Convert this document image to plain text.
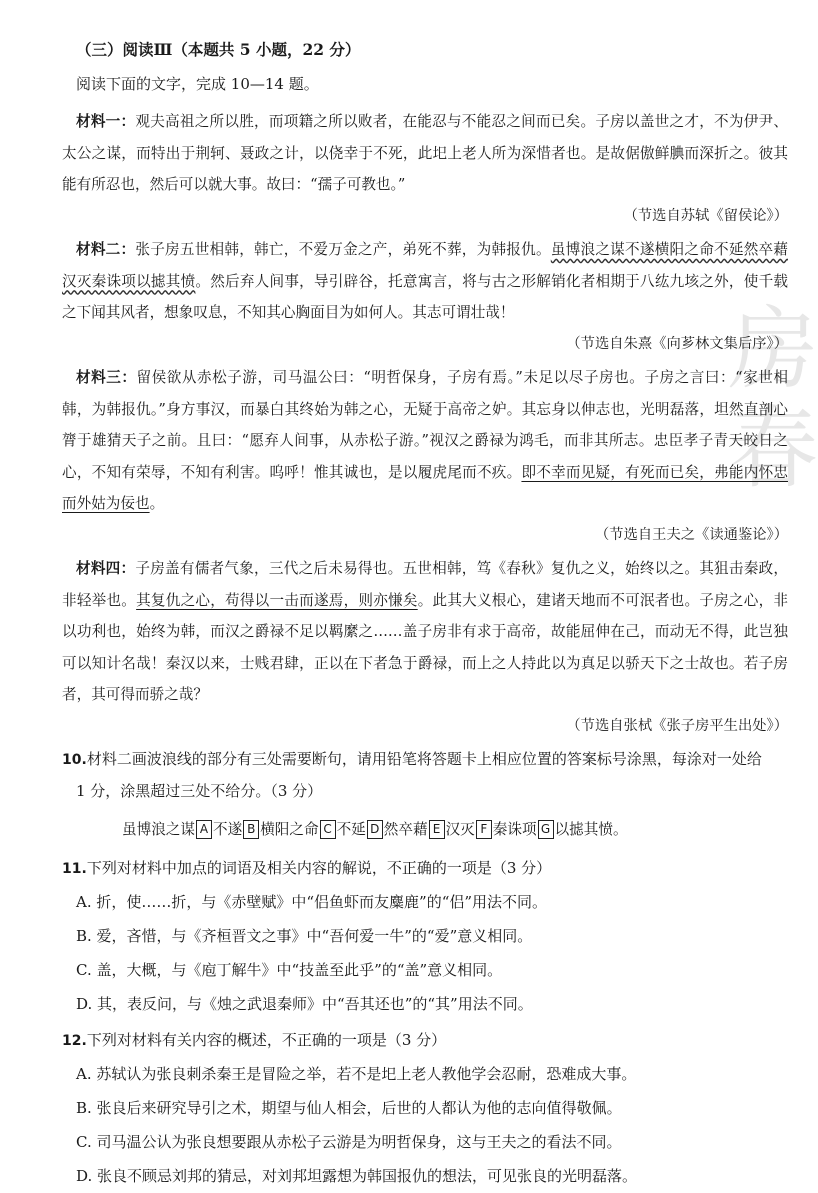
房
春

（三）阅读Ⅲ（本题共 5 小题，22 分）

阅读下面的文字，完成 10—14 题。

材料一：观夫高祖之所以胜，而项籍之所以败者，在能忍与不能忍之间而已矣。子房以盖世之才，不为伊尹、太公之谋，而特出于荆轲、聂政之计，以侥幸于不死，此圯上老人所为深惜者也。是故倨傲鲜腆而深折之。彼其能有所忍也，然后可以就大事。故曰：“孺子可教也。”

（节选自苏轼《留侯论》）

材料二：张子房五世相韩，韩亡，不爱万金之产，弟死不葬，为韩报仇。虽博浪之谋不遂横阳之命不延然卒藉汉灭秦诛项以摅其愤。然后弃人间事，导引辟谷，托意寓言，将与古之形解销化者相期于八纮九垓之外，使千载之下闻其风者，想象叹息，不知其心胸面目为如何人。其志可谓壮哉！

（节选自朱熹《向芗林文集后序》）

材料三：留侯欲从赤松子游，司马温公曰：“明哲保身，子房有焉。”未足以尽子房也。子房之言曰：“家世相韩，为韩报仇。”身方事汉，而暴白其终始为韩之心，无疑于高帝之妒。其忘身以伸志也，光明磊落，坦然直剖心膂于雄猜天子之前。且曰：“愿弃人间事，从赤松子游。”视汉之爵禄为鸿毛，而非其所志。忠臣孝子青天皎日之心，不知有荣辱，不知有利害。呜呼！惟其诚也，是以履虎尾而不疚。即不幸而见疑，有死而已矣，弗能内怀忠而外姑为佞也。

（节选自王夫之《读通鉴论》）

材料四：子房盖有儒者气象，三代之后未易得也。五世相韩，笃《春秋》复仇之义，始终以之。其狙击秦政，非轻举也。其复仇之心，苟得以一击而遂焉，则亦慊矣。此其大义根心，建诸天地而不可泯者也。子房之心，非以功利也，始终为韩，而汉之爵禄不足以羁縻之……盖子房非有求于高帝，故能屈伸在己，而动无不得，此岂独可以知计名哉！秦汉以来，士贱君肆，正以在下者急于爵禄，而上之人持此以为真足以骄天下之士故也。若子房者，其可得而骄之哉？

（节选自张栻《张子房平生出处》）

10.材料二画波浪线的部分有三处需要断句，请用铅笔将答题卡上相应位置的答案标号涂黑，每涂对一处给

1 分，涂黑超过三处不给分。（3 分）

虽博浪之谋 A 不遂 B 横阳之命 C 不延 D 然卒藉 E 汉灭 F 秦诛项 G 以摅其愤。

11.下列对材料中加点的词语及相关内容的解说，不正确的一项是（3 分）

A. 折，使……折，与《赤壁赋》中“侣鱼虾而友麋鹿”的“侣”用法不同。

B. 爱，吝惜，与《齐桓晋文之事》中“吾何爱一牛”的“爱”意义相同。

C. 盖，大概，与《庖丁解牛》中“技盖至此乎”的“盖”意义相同。

D. 其，表反问，与《烛之武退秦师》中“吾其还也”的“其”用法不同。

12.下列对材料有关内容的概述，不正确的一项是（3 分）

A. 苏轼认为张良刺杀秦王是冒险之举，若不是圯上老人教他学会忍耐，恐难成大事。

B. 张良后来研究导引之术，期望与仙人相会，后世的人都认为他的志向值得敬佩。

C. 司马温公认为张良想要跟从赤松子云游是为明哲保身，这与王夫之的看法不同。

D. 张良不顾忌刘邦的猜忌，对刘邦坦露想为韩国报仇的想法，可见张良的光明磊落。
